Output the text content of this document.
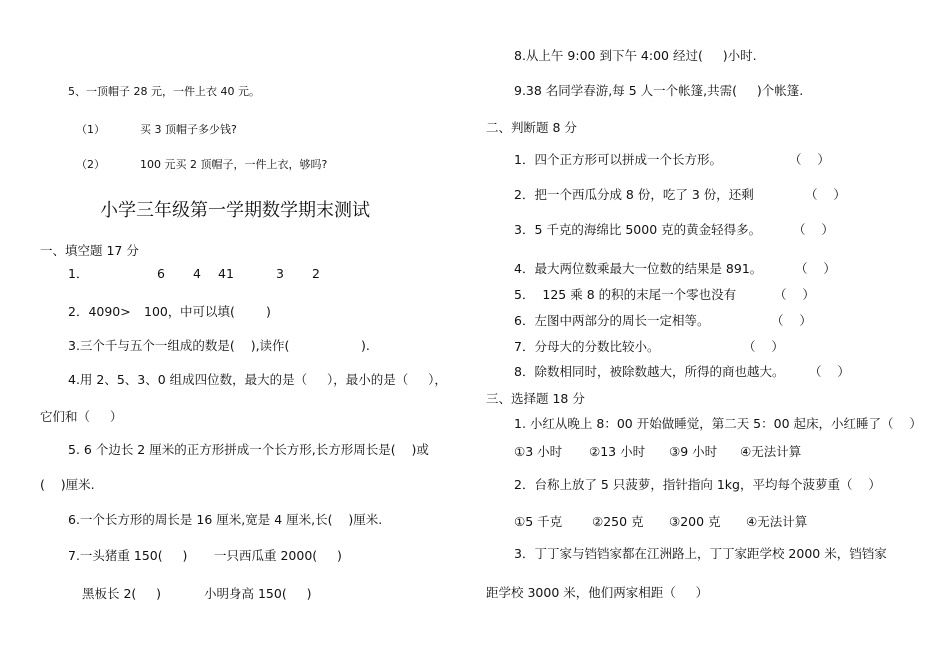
5、一顶帽子 28 元，一件上衣 40 元。
（1）	买 3 顶帽子多少钱?
（2）	100 元买 2 顶帽子，一件上衣，够吗?
小学三年级第一学期数学期末测试
一、填空题 17 分
1．	6 4 41	3 2
2．4090> 100， 中可以填( )
3.三个千与五个一组成的数是(    ),读作(                  ).
4.用 2、5、3、0 组成四位数，最大的是（     ），最小的是（     ），
它们和（     ）
5. 6 个边长 2 厘米的正方形拼成一个长方形,长方形周长是(    )或
(    )厘米.
6.一个长方形的周长是 16 厘米,宽是 4 厘米,长(    )厘米.
7.一头猪重 150(     ) 一只西瓜重 2000(     )
黑板长 2(     )	小明身高 150(     )
8.从上午 9:00 到下午 4:00 经过(     )小时.
9.38 名同学春游,每 5 人一个帐篷,共需(     )个帐篷.
二、判断题 8 分
1．四个正方形可以拼成一个长方形。	（    ）
2．把一个西瓜分成 8 份，吃了 3 份，还剩	（    ）
3．5 千克的海绵比 5000 克的黄金轻得多。	（    ）
4．最大两位数乘最大一位数的结果是 891。	（    ）
5．  125 乘 8 的积的末尾一个零也没有	（    ）
6．左图中两部分的周长一定相等。	（    ）
7．分母大的分数比较小。	（    ）
8．除数相同时，被除数越大，所得的商也越大。 （    ）
三、选择题 18 分
1. 小红从晚上 8：00 开始做睡觉，第二天 5：00 起床，小红睡了（    ）
①3 小时 ②13 小时 ③9 小时 ④无法计算
2．台称上放了 5 只菠萝，指针指向 1kg，平均每个菠萝重（    ）
①5 千克 ②250 克 ③200 克 ④无法计算
3．丁丁家与铛铛家都在江洲路上，丁丁家距学校 2000 米，铛铛家
距学校 3000 米，他们两家相距（     ）
